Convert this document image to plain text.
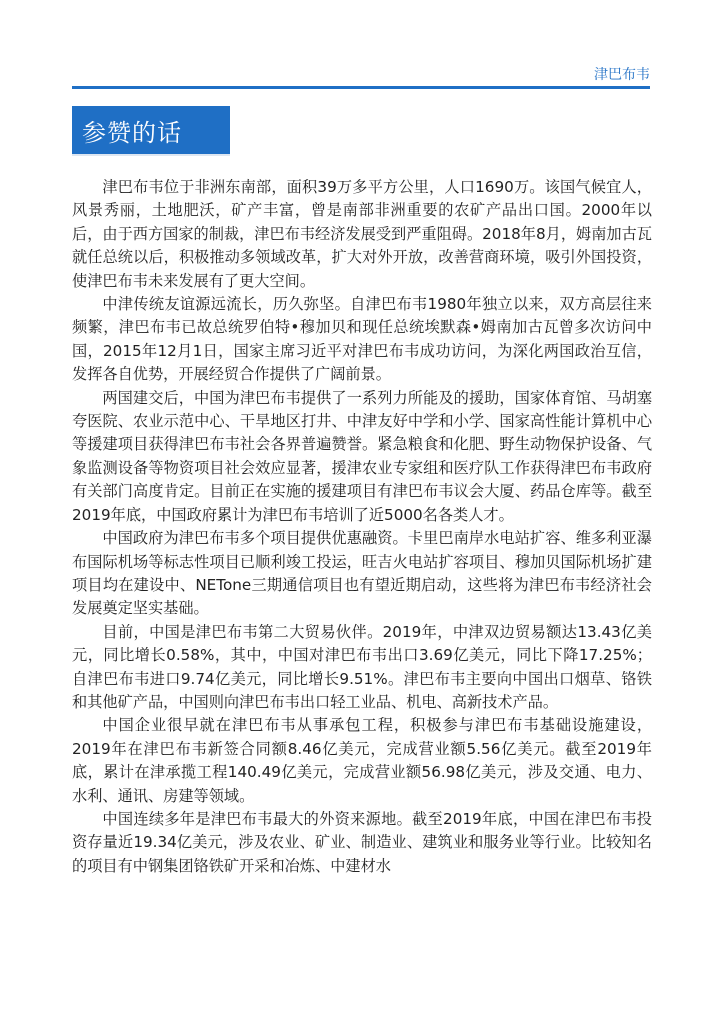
津巴布韦
参赞的话

津巴布韦位于非洲东南部，面积39万多平方公里，人口1690万。该国气候宜人，风景秀丽，土地肥沃，矿产丰富，曾是南部非洲重要的农矿产品出口国。2000年以后，由于西方国家的制裁，津巴布韦经济发展受到严重阻碍。2018年8月，姆南加古瓦就任总统以后，积极推动多领域改革，扩大对外开放，改善营商环境，吸引外国投资，使津巴布韦未来发展有了更大空间。

中津传统友谊源远流长，历久弥坚。自津巴布韦1980年独立以来，双方高层往来频繁，津巴布韦已故总统罗伯特•穆加贝和现任总统埃默森•姆南加古瓦曾多次访问中国，2015年12月1日，国家主席习近平对津巴布韦成功访问，为深化两国政治互信，发挥各自优势，开展经贸合作提供了广阔前景。

两国建交后，中国为津巴布韦提供了一系列力所能及的援助，国家体育馆、马胡塞夸医院、农业示范中心、干旱地区打井、中津友好中学和小学、国家高性能计算机中心等援建项目获得津巴布韦社会各界普遍赞誉。紧急粮食和化肥、野生动物保护设备、气象监测设备等物资项目社会效应显著，援津农业专家组和医疗队工作获得津巴布韦政府有关部门高度肯定。目前正在实施的援建项目有津巴布韦议会大厦、药品仓库等。截至2019年底，中国政府累计为津巴布韦培训了近5000名各类人才。

中国政府为津巴布韦多个项目提供优惠融资。卡里巴南岸水电站扩容、维多利亚瀑布国际机场等标志性项目已顺利竣工投运，旺吉火电站扩容项目、穆加贝国际机场扩建项目均在建设中、NETone三期通信项目也有望近期启动，这些将为津巴布韦经济社会发展奠定坚实基础。

目前，中国是津巴布韦第二大贸易伙伴。2019年，中津双边贸易额达13.43亿美元，同比增长0.58%，其中，中国对津巴布韦出口3.69亿美元，同比下降17.25%；自津巴布韦进口9.74亿美元，同比增长9.51%。津巴布韦主要向中国出口烟草、铬铁和其他矿产品，中国则向津巴布韦出口轻工业品、机电、高新技术产品。

中国企业很早就在津巴布韦从事承包工程，积极参与津巴布韦基础设施建设，2019年在津巴布韦新签合同额8.46亿美元，完成营业额5.56亿美元。截至2019年底，累计在津承揽工程140.49亿美元，完成营业额56.98亿美元，涉及交通、电力、水利、通讯、房建等领域。

中国连续多年是津巴布韦最大的外资来源地。截至2019年底，中国在津巴布韦投资存量近19.34亿美元，涉及农业、矿业、制造业、建筑业和服务业等行业。比较知名的项目有中钢集团铬铁矿开采和冶炼、中建材水
